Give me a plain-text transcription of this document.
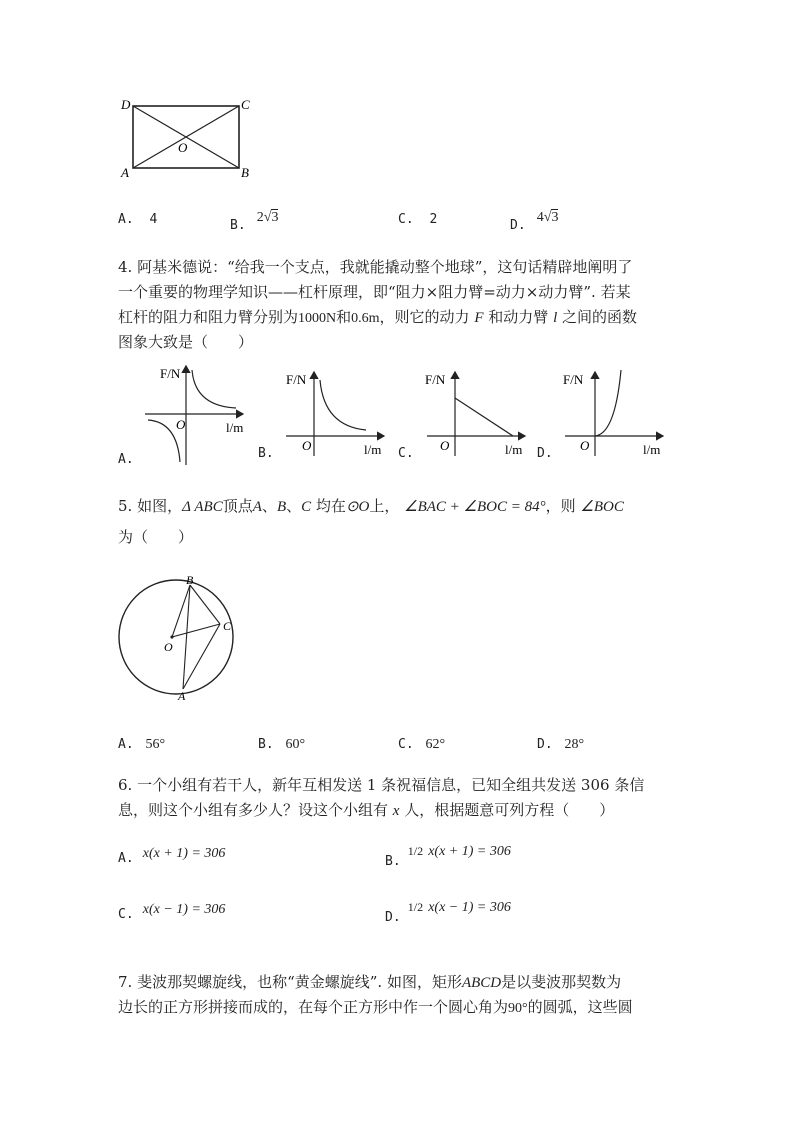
D	C
O
A	B
A. 4	$_{B.}$ 2√3	C. 2	$_{D.}$ 4√3
4. 阿基米德说：“给我一个支点，我就能撬动整个地球”，这句话精辟地阐明了
一个重要的物理学知识——杠杆原理，即“阻力×阻力臂=动力×动力臂”. 若某
杠杆的阻力和阻力臂分别为1000N和0.6m，则它的动力 F 和动力臂 l 之间的函数
图象大致是（　　）
F/N
l/m
O
A.
F/N
l/m
O
B.
F/N
l/m
O
C.
F/N
l/m
O
D.
5. 如图，Δ ABC顶点A、B、C 均在⊙O上， ∠BAC + ∠BOC = 84°，则 ∠BOC
为（　　）
B
C
O
A
A. 56°	B. 60°	C. 62°	D. 28°
6. 一个小组有若干人，新年互相发送 1 条祝福信息，已知全组共发送 306 条信
息，则这个小组有多少人？设这个小组有 x 人，根据题意可列方程（　　）
$_{A.}$ x(x + 1) = 306
$_{B.}$ 1/2 x(x + 1) = 306
$_{C.}$ x(x − 1) = 306
$_{D.}$ 1/2 x(x − 1) = 306
7. 斐波那契螺旋线，也称“黄金螺旋线”. 如图，矩形ABCD是以斐波那契数为
边长的正方形拼接而成的，在每个正方形中作一个圆心角为90°的圆弧，这些圆
